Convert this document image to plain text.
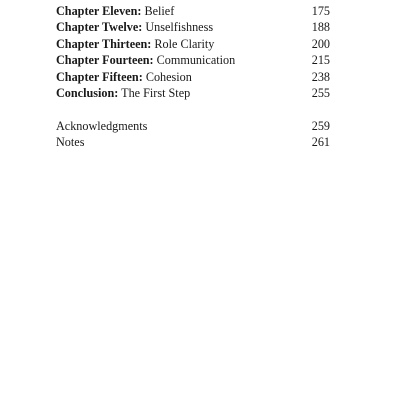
Chapter Eleven: Belief	175
Chapter Twelve: Unselfishness	188
Chapter Thirteen: Role Clarity	200
Chapter Fourteen: Communication	215
Chapter Fifteen: Cohesion	238
Conclusion: The First Step	255
Acknowledgments	259
Notes	261
